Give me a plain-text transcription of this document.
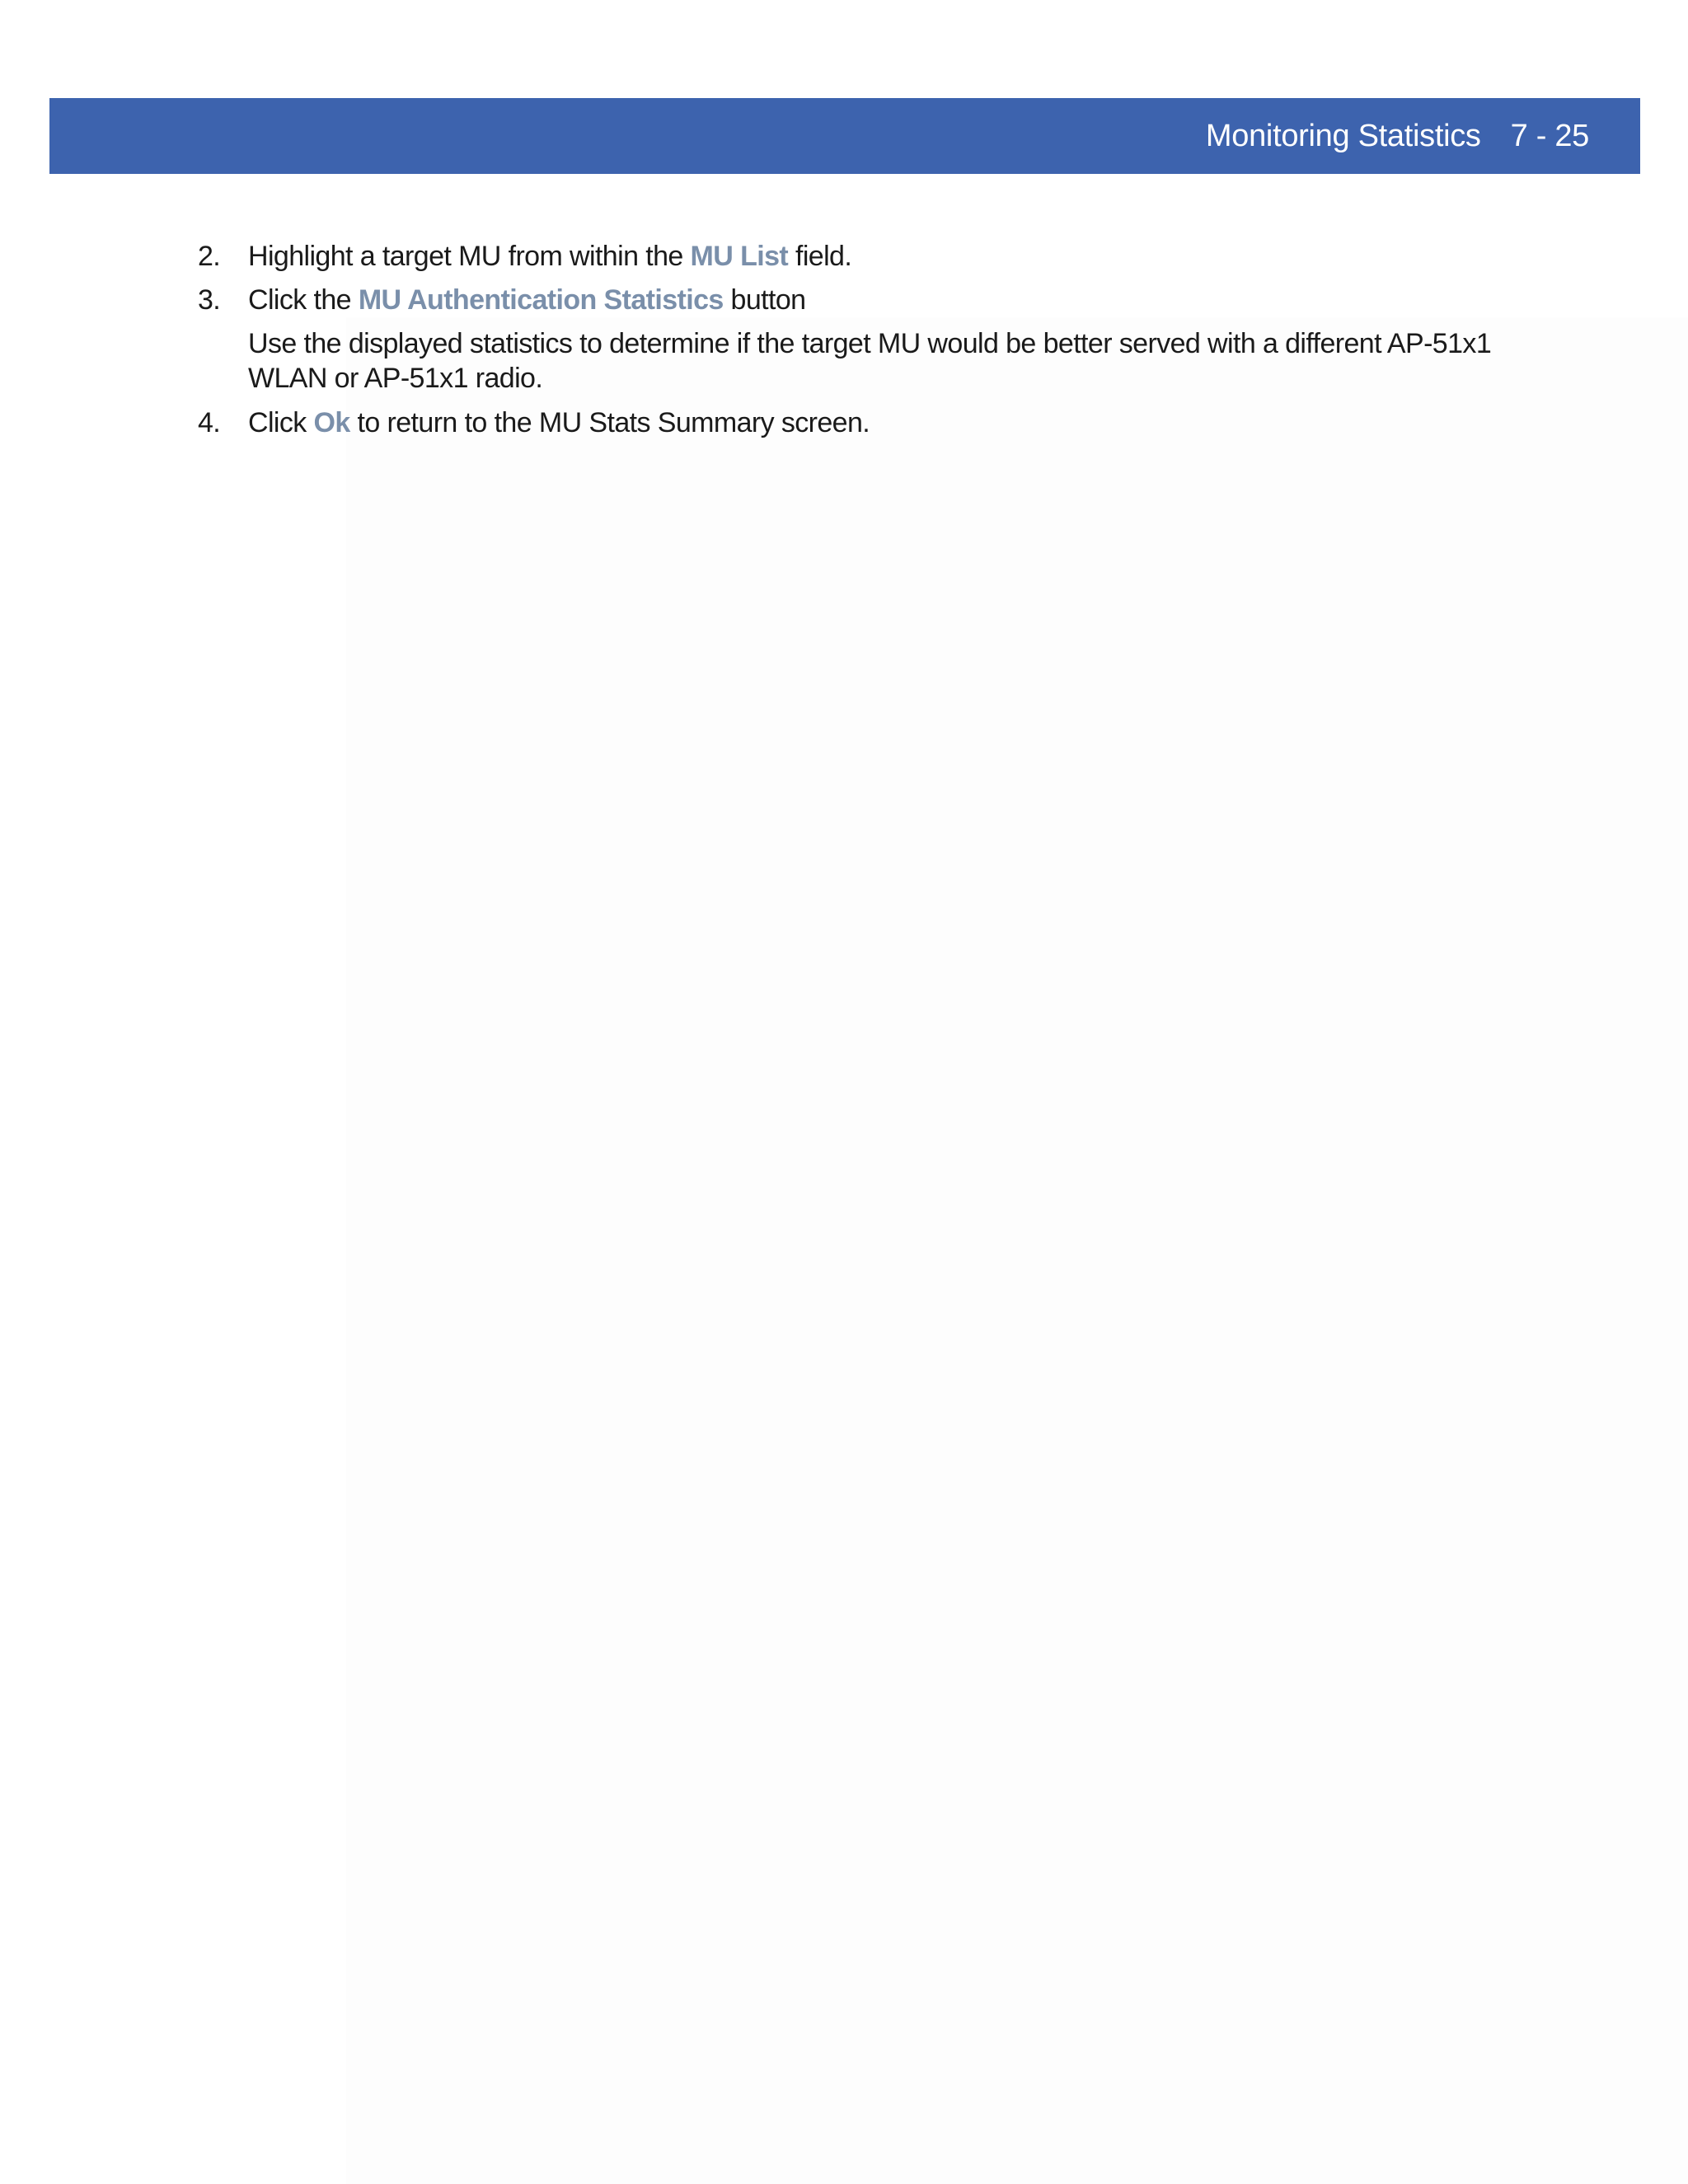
Monitoring Statistics 7 - 25
2. Highlight a target MU from within the MU List field.
3. Click the MU Authentication Statistics button
Use the displayed statistics to determine if the target MU would be better served with a different AP-51x1 WLAN or AP-51x1 radio.
4. Click Ok to return to the MU Stats Summary screen.
